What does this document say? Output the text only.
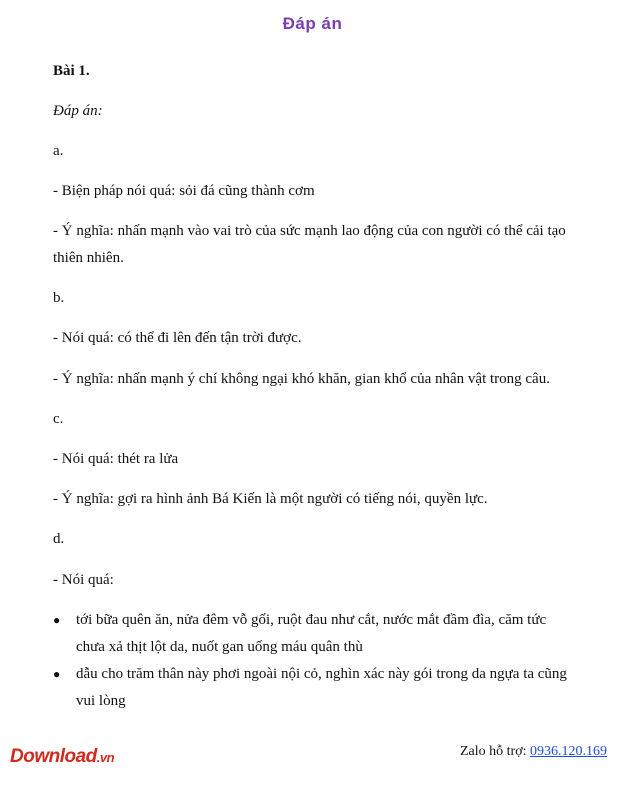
Đáp án
Bài 1.
Đáp án:
a.
- Biện pháp nói quá: sỏi đá cũng thành cơm
- Ý nghĩa: nhấn mạnh vào vai trò của sức mạnh lao động của con người có thể cải tạo thiên nhiên.
b.
- Nói quá: có thể đi lên đến tận trời được.
- Ý nghĩa: nhấn mạnh ý chí không ngại khó khăn, gian khổ của nhân vật trong câu.
c.
- Nói quá: thét ra lửa
- Ý nghĩa: gợi ra hình ảnh Bá Kiến là một người có tiếng nói, quyền lực.
d.
- Nói quá:
●	tới bữa quên ăn, nửa đêm vỗ gối, ruột đau như cắt, nước mắt đầm đìa, căm tức chưa xả thịt lột da, nuốt gan uống máu quân thù
●	dẫu cho trăm thân này phơi ngoài nội cỏ, nghìn xác này gói trong da ngựa ta cũng vui lòng
Download.vn	Zalo hỗ trợ: 0936.120.169
